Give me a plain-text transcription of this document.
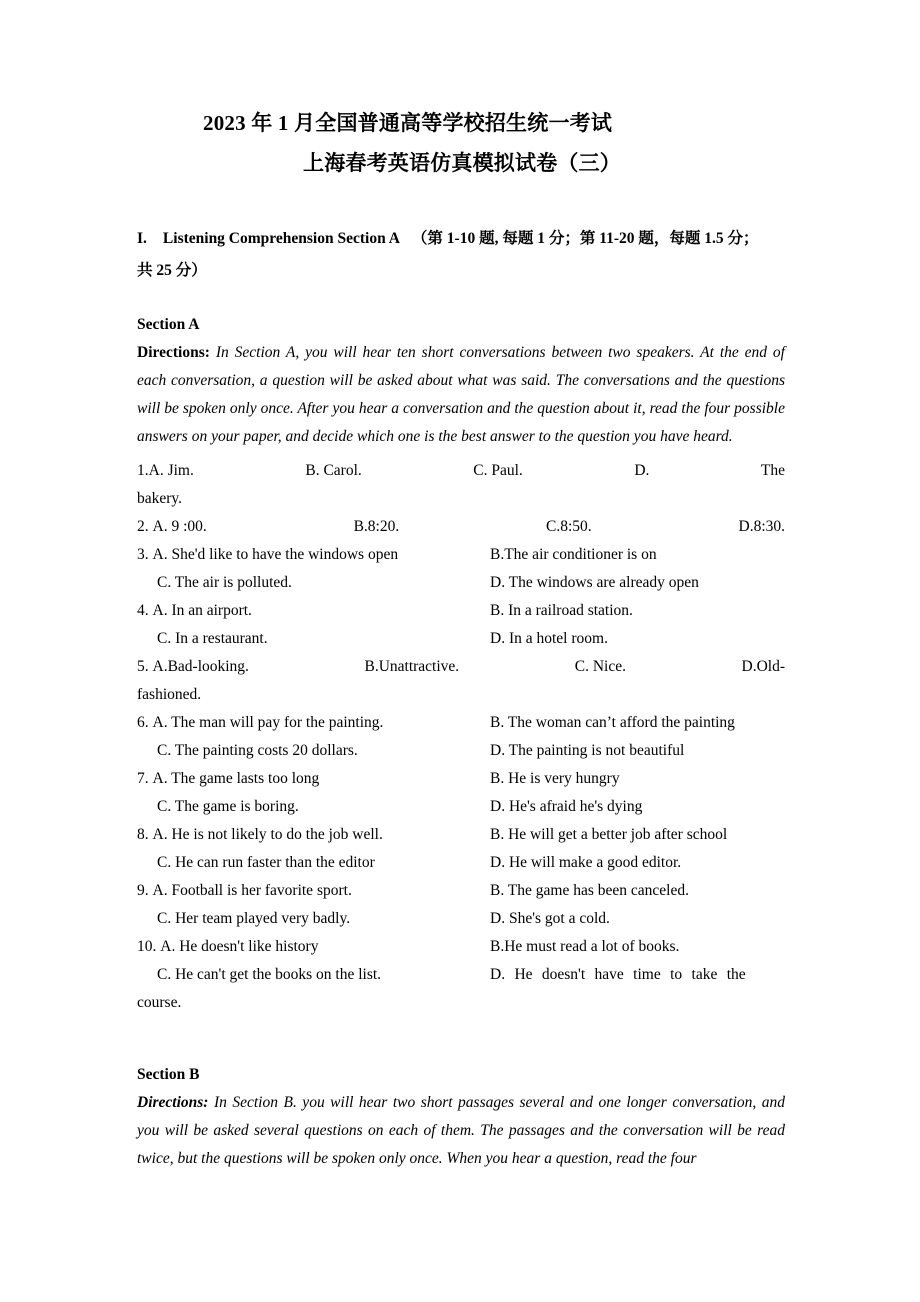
2023 年 1 月全国普通高等学校招生统一考试
上海春考英语仿真模拟试卷（三）
I. Listening Comprehension Section A （第 1-10 题, 每题 1 分；第 11-20 题，每题 1.5 分；
共 25 分）
Section A
Directions: In Section A, you will hear ten short conversations between two speakers. At the end of each conversation, a question will be asked about what was said. The conversations and the questions will be spoken only once. After you hear a conversation and the question about it, read the four possible answers on your paper, and decide which one is the best answer to the question you have heard.
1.A. Jim.	B. Carol.	C. Paul.	D.	The
bakery.
2. A. 9 :00.	B.8:20.	C.8:50.	D.8:30.
3. A. She'd like to have the windows open	B.The air conditioner is on
C. The air is polluted.	D. The windows are already open
4. A. In an airport.	B. In a railroad station.
C. In a restaurant.	D. In a hotel room.
5. A.Bad-looking.	B.Unattractive.	C. Nice.	D.Old-
fashioned.
6. A. The man will pay for the painting.	B. The woman can’t afford the painting
C. The painting costs 20 dollars.	D. The painting is not beautiful
7. A. The game lasts too long	B. He is very hungry
C. The game is boring.	D. He's afraid he's dying
8. A. He is not likely to do the job well.	B. He will get a better job after school
C. He can run faster than the editor	D. He will make a good editor.
9. A. Football is her favorite sport.	B. The game has been canceled.
C. Her team played very badly.	D. She's got a cold.
10. A. He doesn't like history	B.He must read a lot of books.
C. He can't get the books on the list.	D. He doesn't have time to take the
course.
Section B
Directions: In Section B. you will hear two short passages several and one longer conversation, and you will be asked several questions on each of them. The passages and the conversation will be read twice, but the questions will be spoken only once. When you hear a question, read the four
